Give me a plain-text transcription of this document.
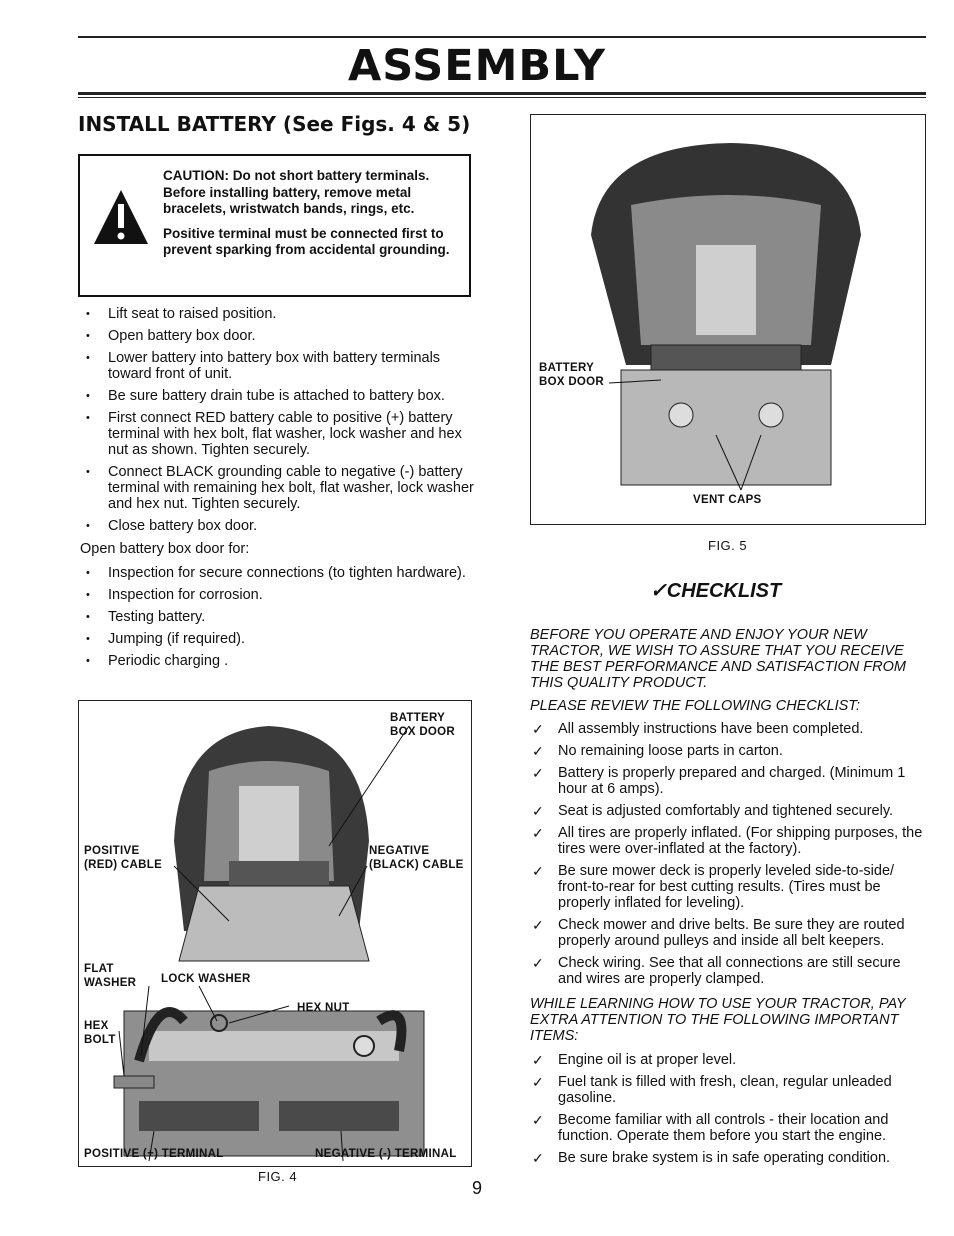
ASSEMBLY
INSTALL BATTERY (See Figs. 4 & 5)

CAUTION: Do not short battery terminals. Before installing battery, remove metal bracelets, wristwatch bands, rings, etc.

Positive terminal must be connected first to prevent sparking from accidental grounding.

• Lift seat to raised position.
• Open battery box door.
• Lower battery into battery box with battery terminals toward front of unit.
• Be sure battery drain tube is attached to battery box.
• First connect RED battery cable to positive (+) battery terminal with hex bolt, flat washer, lock washer and hex nut as shown. Tighten securely.
• Connect BLACK grounding cable to negative (-) battery terminal with remaining hex bolt, flat washer, lock washer and hex nut. Tighten securely.
• Close battery box door.
Open battery box door for:
• Inspection for secure connections (to tighten hardware).
• Inspection for corrosion.
• Testing battery.
• Jumping (if required).
• Periodic charging .
BATTERY BOX DOOR
POSITIVE (RED) CABLE
NEGATIVE (BLACK) CABLE
FLAT WASHER	LOCK WASHER
HEX NUT
HEX BOLT
POSITIVE (+) TERMINAL	NEGATIVE (-) TERMINAL
FIG. 4
BATTERY BOX DOOR
VENT CAPS
FIG. 5
✓CHECKLIST
BEFORE YOU OPERATE AND ENJOY YOUR NEW TRACTOR, WE WISH TO ASSURE THAT YOU RECEIVE THE BEST PERFORMANCE AND SATISFACTION FROM THIS QUALITY PRODUCT.
PLEASE REVIEW THE FOLLOWING CHECKLIST:
✓ All assembly instructions have been completed.
✓ No remaining loose parts in carton.
✓ Battery is properly prepared and charged. (Minimum 1 hour at 6 amps).
✓ Seat is adjusted comfortably and tightened securely.
✓ All tires are properly inflated. (For shipping purposes, the tires were over-inflated at the factory).
✓ Be sure mower deck is properly leveled side-to-side/ front-to-rear for best cutting results. (Tires must be properly inflated for leveling).
✓ Check mower and drive belts. Be sure they are routed properly around pulleys and inside all belt keepers.
✓ Check wiring. See that all connections are still secure and wires are properly clamped.
WHILE LEARNING HOW TO USE YOUR TRACTOR, PAY EXTRA ATTENTION TO THE FOLLOWING IMPORTANT ITEMS:
✓ Engine oil is at proper level.
✓ Fuel tank is filled with fresh, clean, regular unleaded gasoline.
✓ Become familiar with all controls - their location and function. Operate them before you start the engine.
✓ Be sure brake system is in safe operating condition.
9
